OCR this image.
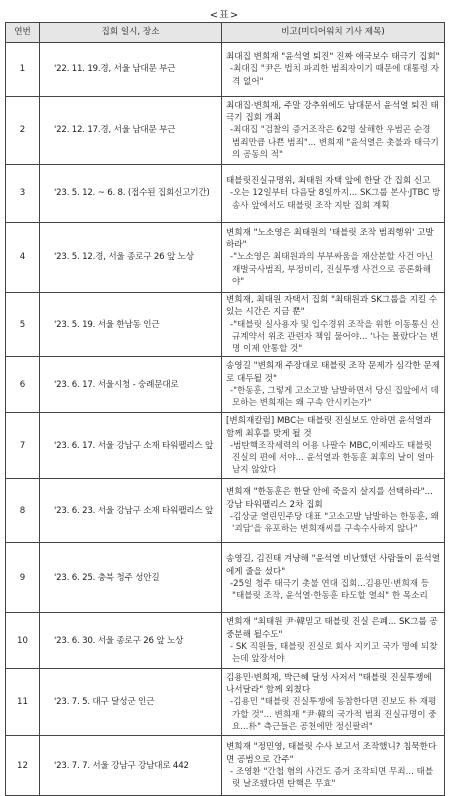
<표>
연번	집회 일시, 장소	비고(미디어워치 기사 제목)
1	'22. 11. 19.경, 서울 남대문 부근	최대집 변희재 "윤석열 퇴진" 진짜 애국보수 태극기 집회"
-최대집 "尹은 법치 파괴한 범죄자이기 때문에 대통령 자격 없어"

2	'22. 12. 17.경, 서울 남대문 부근	최대집·변희재, 주말 강추위에도 남대문서 윤석열 퇴진 태극기 집회 개최
-최대집 "검찰의 증거조작은 62명 살해한 우범곤 순경 범죄만큼 나쁜 범죄"... 변희재 "윤석열은 촛불과 태극기의 공동의 적"

3	'23. 5. 12. ~ 6. 8. (접수된 집회신고기간)	태블릿진실규명위, 최태원 자택 앞에 한달 간 집회 신고
-오는 12일부터 다음달 8일까지... SK그룹 본사·JTBC 방송사 앞에서도 태블릿 조작 지탄 집회 계획

4	'23. 5. 12.경, 서울 종로구 26 앞 노상	변희재 "노소영은 최태원의 '태블릿 조작 범죄행위' 고발하라"
-"노소영은 최태원과의 부부싸움을 재산분할 사건 아닌 재벌국사범죄, 부정비리, 진실투쟁 사건으로 공론화해야"

5	'23. 5. 19. 서울 한남동 인근	변희재, 최태원 자택서 집회 "최태원과 SK그룹을 지킬 수 있는 시간은 지금 뿐"
-"태블릿 실사용자 및 입수경위 조작을 위한 이동통신 신규계약서 위조 관련자 책임 물어야... '나는 몰랐다'는 변명 이제 안통할 것"

6	'23. 6. 17. 서울시청 - 숭례문대로	송영길 "변희재 주장대로 태블릿 조작 문제가 심각한 문제로 대두될 것"
-"한동훈, 그렇게 고소고발 남발하면서 당신 집앞에서 데모하는 변희재는 왜 구속 안시키는가"

7	'23. 6. 17. 서울 강남구 소재 타워팰리스 앞	[변희재칼럼] MBC는 태블릿 진실보도 안하면 윤석열과 함께 최후를 맞게 될 것
-범탄핵조작세력의 어용 나팔수 MBC,이제라도 태블릿 진실의 편에 서야... 윤석열과 한동훈 최후의 날이 얼마 남지 않았다

8	'23. 6. 23. 서울 강남구 소재 타워팰리스 앞	변희재 "한동훈은 한달 안에 죽을지 살지를 선택하라"...강남 타워팰리스 2차 집회
-김상균 열린민주당 대표 "고소고발 남발하는 한동훈, 왜 '괴담'을 유포하는 변희재씨를 구속수사하지 않나"

9	'23. 6. 25. 충북 청주 성안길	송영길, 김진태 겨냥해 "윤석열 비난했던 사람들이 윤석열에게 줄을 섰다"
-25일 청주 태극기 촛불 연대 집회...김용민·변희재 등 "태블릿 조작, 윤석열·한동훈 타도할 열쇠" 한 목소리

10	'23. 6. 30. 서울 종로구 26 앞 노상	변희재 "최태원 尹·韓믿고 태블릿 진실 은폐... SK그룹 공중분해 될수도"
- SK 직원들, 태블릿 진실로 회사 지키고 국가 명예 되찾는데 앞장서야

11	'23. 7. 5. 대구 달성군 인근	김용민·변희재, 박근혜 달성 사저서 "태블릿 진실투쟁에 나서달라" 함께 외쳤다
-김용민 "태블릿 진실투쟁에 동참한다면 진보도 朴 재평가할 것"... 변희재 "尹·韓의 국가적 범죄 진실규명이 중요...朴" 측근들은 공천에만 정신팔려"

12	'23. 7. 7. 서울 강남구 강남대로 442	변희재 "정민영, 태블릿 수사 보고서 조작했니? 침묵한다면 공범으로 간주"
- 조영환 "간첩 혐의 사건도 증거 조작되면 무죄... 태블릿 날조됐다면 탄핵은 무효"
